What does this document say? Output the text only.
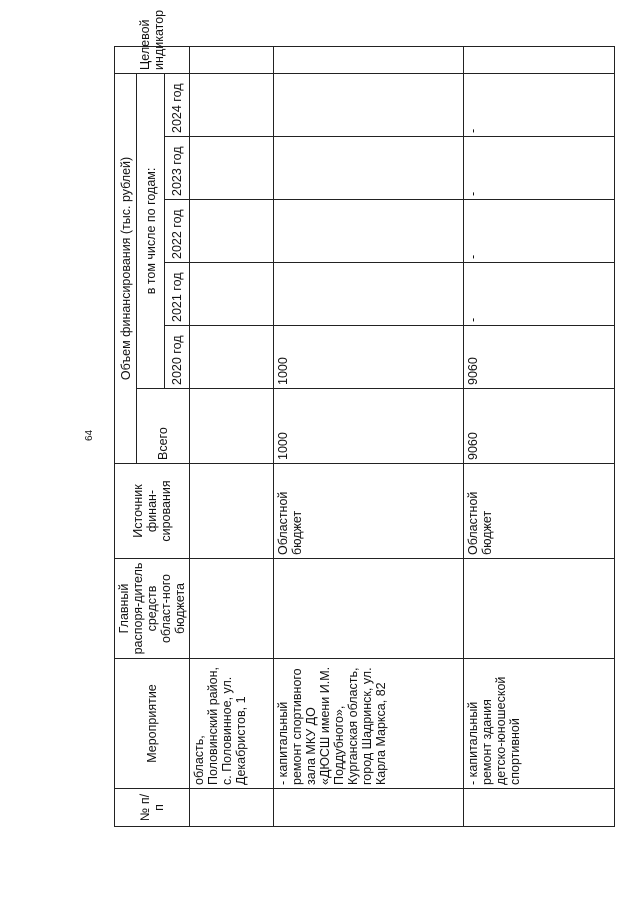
64
№ п/п	Мероприятие	Главный распоря-дитель средств област-ного бюджета	Источник финан-сирования	Объем финансирования (тыс. рублей)						Целевой индикатор
				Всего	в том числе по годам:					
					2020 год	2021 год	2022 год	2023 год	2024 год	
	область, Половинский район, с. Половинное, ул. Декабристов, 1									
	- капитальный ремонт спортивного зала МКУ ДО «ДЮСШ имени И.М. Поддубного», Курганская область, город Шадринск, ул. Карла Маркса, 82		Областной бюджет	1000	1000					
	- капитальный ремонт здания детско-юношеской спортивной		Областной бюджет	9060	9060	-	-	-	-	
